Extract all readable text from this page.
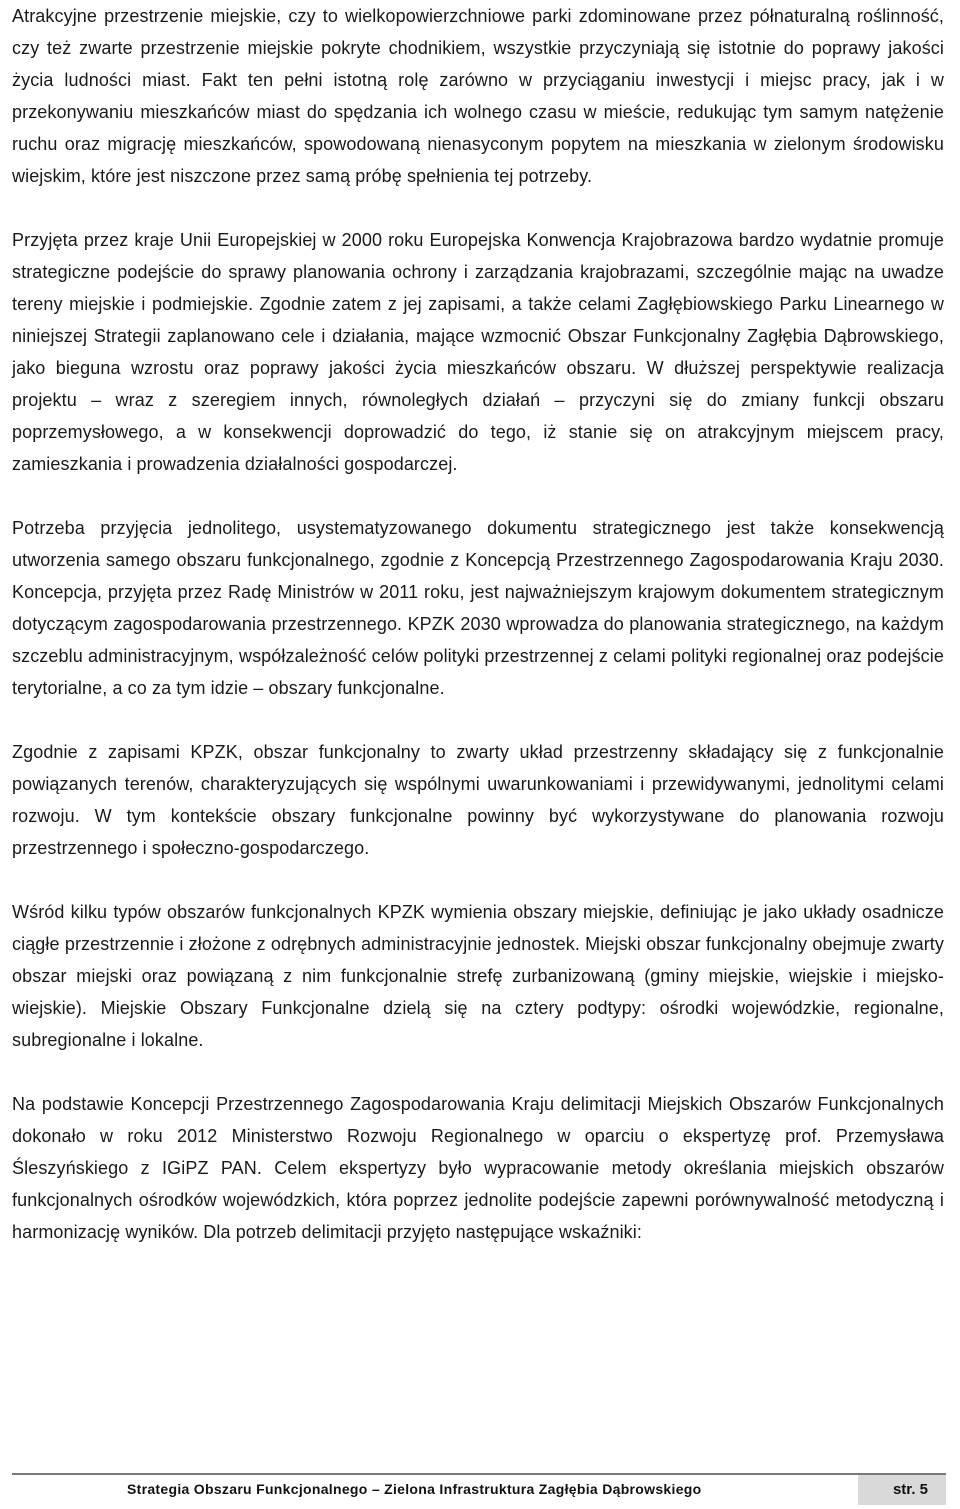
Atrakcyjne przestrzenie miejskie, czy to wielkopowierzchniowe parki zdominowane przez półnaturalną roślinność, czy też zwarte przestrzenie miejskie pokryte chodnikiem, wszystkie przyczyniają się istotnie do poprawy jakości życia ludności miast. Fakt ten pełni istotną rolę zarówno w przyciąganiu inwestycji i miejsc pracy, jak i w przekonywaniu mieszkańców miast do spędzania ich wolnego czasu w mieście, redukując tym samym natężenie ruchu oraz migrację mieszkańców, spowodowaną nienasyconym popytem na mieszkania w zielonym środowisku wiejskim, które jest niszczone przez samą próbę spełnienia tej potrzeby.

Przyjęta przez kraje Unii Europejskiej w 2000 roku Europejska Konwencja Krajobrazowa bardzo wydatnie promuje strategiczne podejście do sprawy planowania ochrony i zarządzania krajobrazami, szczególnie mając na uwadze tereny miejskie i podmiejskie. Zgodnie zatem z jej zapisami, a także celami Zagłębiowskiego Parku Linearnego w niniejszej Strategii zaplanowano cele i działania, mające wzmocnić Obszar Funkcjonalny Zagłębia Dąbrowskiego, jako bieguna wzrostu oraz poprawy jakości życia mieszkańców obszaru. W dłuższej perspektywie realizacja projektu – wraz z szeregiem innych, równoległych działań – przyczyni się do zmiany funkcji obszaru poprzemysłowego, a w konsekwencji doprowadzić do tego, iż stanie się on atrakcyjnym miejscem pracy, zamieszkania i prowadzenia działalności gospodarczej.

Potrzeba przyjęcia jednolitego, usystematyzowanego dokumentu strategicznego jest także konsekwencją utworzenia samego obszaru funkcjonalnego, zgodnie z Koncepcją Przestrzennego Zagospodarowania Kraju 2030. Koncepcja, przyjęta przez Radę Ministrów w 2011 roku, jest najważniejszym krajowym dokumentem strategicznym dotyczącym zagospodarowania przestrzennego. KPZK 2030 wprowadza do planowania strategicznego, na każdym szczeblu administracyjnym, współzależność celów polityki przestrzennej z celami polityki regionalnej oraz podejście terytorialne, a co za tym idzie – obszary funkcjonalne.

Zgodnie z zapisami KPZK, obszar funkcjonalny to zwarty układ przestrzenny składający się z funkcjonalnie powiązanych terenów, charakteryzujących się wspólnymi uwarunkowaniami i przewidywanymi, jednolitymi celami rozwoju. W tym kontekście obszary funkcjonalne powinny być wykorzystywane do planowania rozwoju przestrzennego i społeczno-gospodarczego.

Wśród kilku typów obszarów funkcjonalnych KPZK wymienia obszary miejskie, definiując je jako układy osadnicze ciągłe przestrzennie i złożone z odrębnych administracyjnie jednostek. Miejski obszar funkcjonalny obejmuje zwarty obszar miejski oraz powiązaną z nim funkcjonalnie strefę zurbanizowaną (gminy miejskie, wiejskie i miejsko-wiejskie). Miejskie Obszary Funkcjonalne dzielą się na cztery podtypy: ośrodki wojewódzkie, regionalne, subregionalne i lokalne.

Na podstawie Koncepcji Przestrzennego Zagospodarowania Kraju delimitacji Miejskich Obszarów Funkcjonalnych dokonało w roku 2012 Ministerstwo Rozwoju Regionalnego w oparciu o ekspertyzę prof. Przemysława Śleszyńskiego z IGiPZ PAN. Celem ekspertyzy było wypracowanie metody określania miejskich obszarów funkcjonalnych ośrodków wojewódzkich, która poprzez jednolite podejście zapewni porównywalność metodyczną i harmonizację wyników. Dla potrzeb delimitacji przyjęto następujące wskaźniki:

Strategia Obszaru Funkcjonalnego – Zielona Infrastruktura Zagłębia Dąbrowskiego	str. 5
